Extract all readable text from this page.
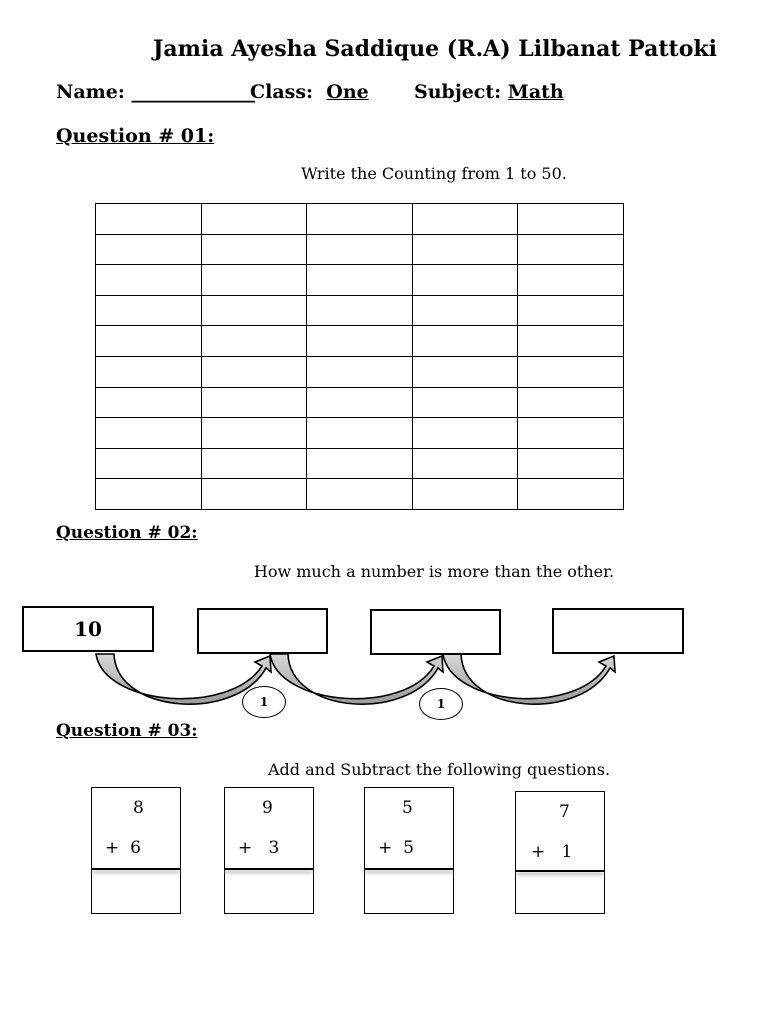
Jamia Ayesha Saddique (R.A) Lilbanat Pattoki
Name: _____________
Class: One Subject: Math
Question # 01:
Write the Counting from 1 to 50.

Question # 02:
How much a number is more than the other.
10
1	1
Question # 03:
Add and Subtract the following questions.
8
+ 6
9
+ 3
5
+ 5
7
+ 1
